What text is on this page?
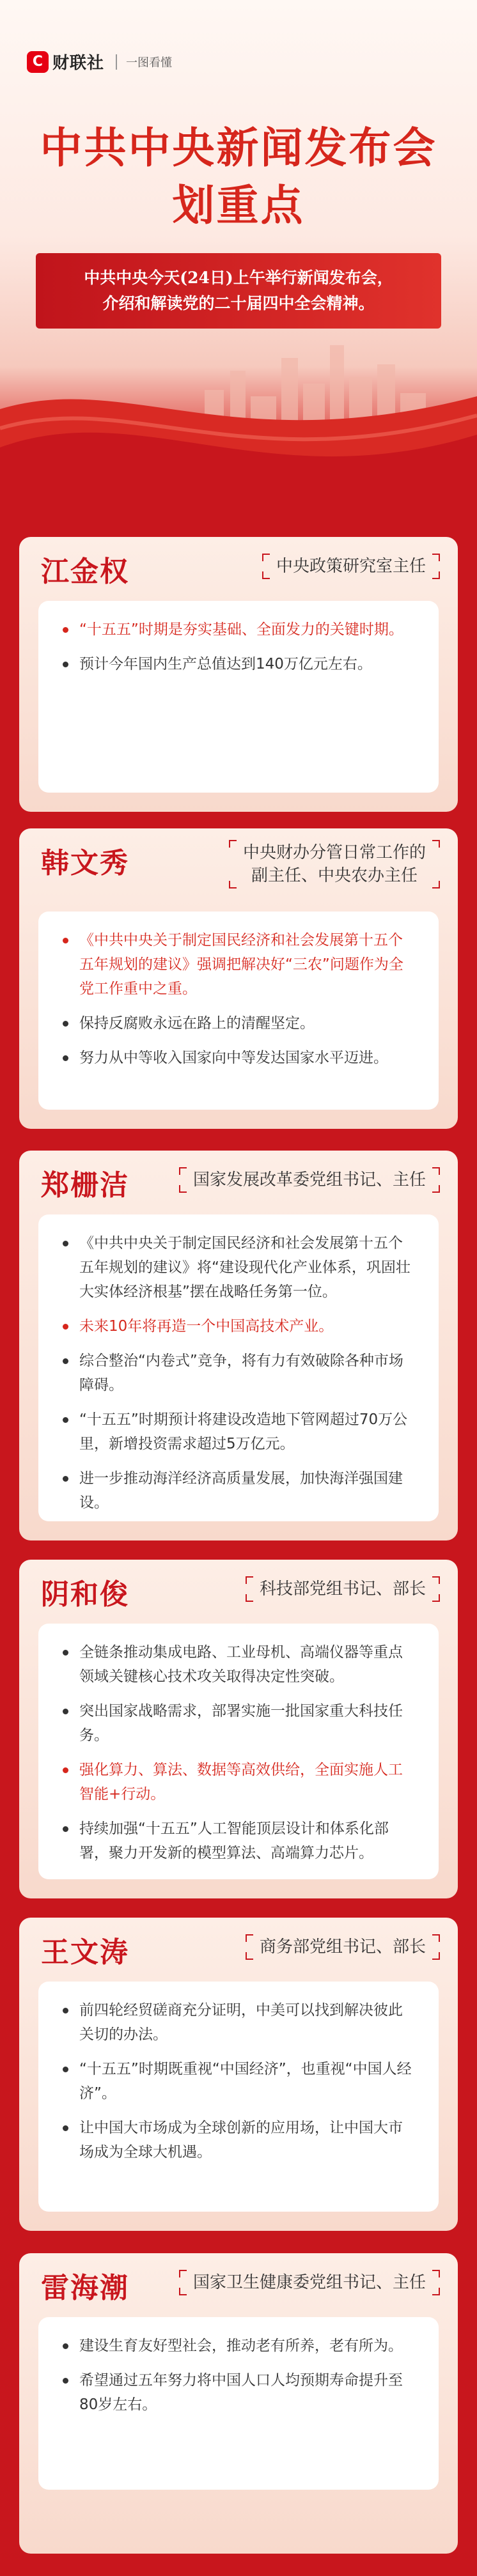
C 财联社 一图看懂
中共中央新闻发布会
划重点
中共中央今天(24日)上午举行新闻发布会，
介绍和解读党的二十届四中全会精神。
江金权	中央政策研究室主任
“十五五”时期是夯实基础、全面发力的关键时期。
预计今年国内生产总值达到140万亿元左右。
韩文秀	中央财办分管日常工作的
副主任、中央农办主任
《中共中央关于制定国民经济和社会发展第十五个五年规划的建议》强调把解决好“三农”问题作为全党工作重中之重。
保持反腐败永远在路上的清醒坚定。
努力从中等收入国家向中等发达国家水平迈进。
郑栅洁	国家发展改革委党组书记、主任
《中共中央关于制定国民经济和社会发展第十五个五年规划的建议》将“建设现代化产业体系，巩固壮大实体经济根基”摆在战略任务第一位。
未来10年将再造一个中国高技术产业。
综合整治“内卷式”竞争，将有力有效破除各种市场障碍。
“十五五”时期预计将建设改造地下管网超过70万公里，新增投资需求超过5万亿元。
进一步推动海洋经济高质量发展，加快海洋强国建设。
阴和俊	科技部党组书记、部长
全链条推动集成电路、工业母机、高端仪器等重点领域关键核心技术攻关取得决定性突破。
突出国家战略需求，部署实施一批国家重大科技任务。
强化算力、算法、数据等高效供给，全面实施人工智能+行动。
持续加强“十五五”人工智能顶层设计和体系化部署，聚力开发新的模型算法、高端算力芯片。
王文涛	商务部党组书记、部长
前四轮经贸磋商充分证明，中美可以找到解决彼此关切的办法。
“十五五”时期既重视“中国经济”，也重视“中国人经济”。
让中国大市场成为全球创新的应用场，让中国大市场成为全球大机遇。
雷海潮	国家卫生健康委党组书记、主任
建设生育友好型社会，推动老有所养，老有所为。
希望通过五年努力将中国人口人均预期寿命提升至80岁左右。
